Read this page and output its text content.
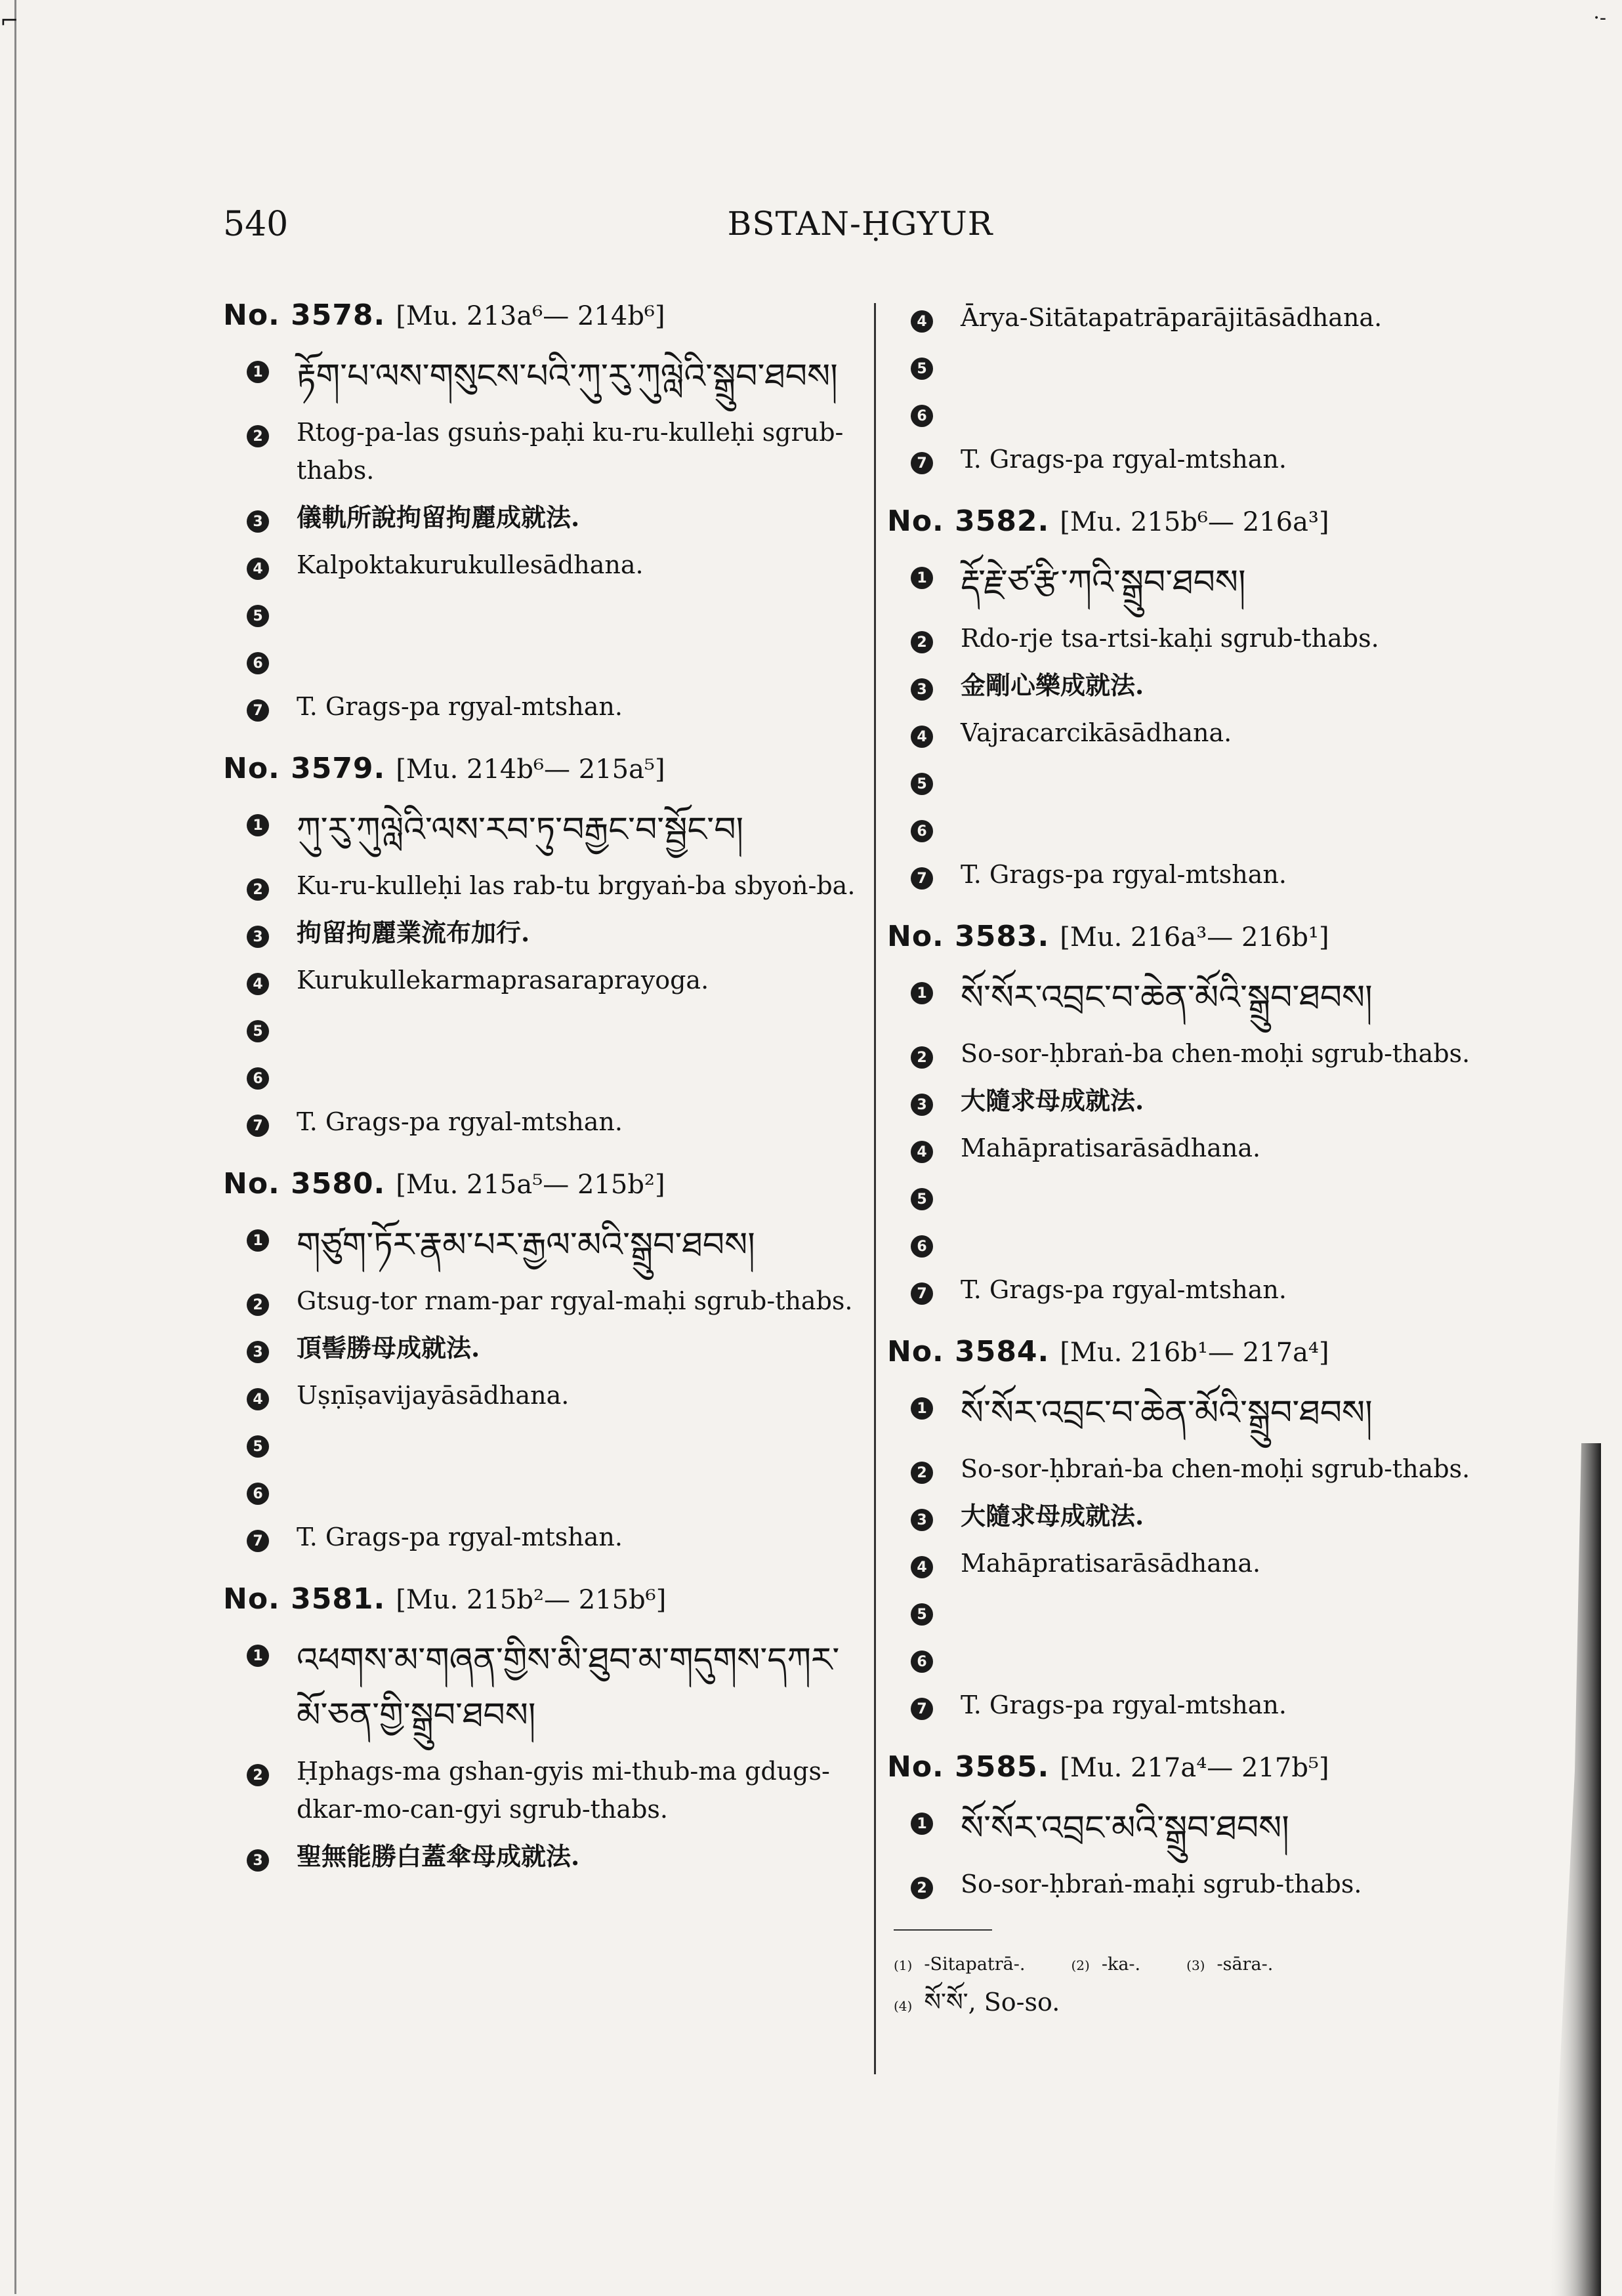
⌐	·-
540	BSTAN-ḤGYUR
No. 3578. [Mu. 213a⁶— 214b⁶]
1 རྟོག་པ་ལས་གསུངས་པའི་ཀུ་རུ་ཀུལླེའི་སྒྲུབ་ཐབས།
2 Rtog-pa-las gsuṅs-paḥi ku-ru-kulleḥi sgrub-thabs.
3 儀軌所說拘留拘麗成就法.
4 Kalpoktakurukullesādhana.
5
6
7 T. Grags-pa rgyal-mtshan.
No. 3579. [Mu. 214b⁶— 215a⁵]
1 ཀུ་རུ་ཀུལླེའི་ལས་རབ་ཏུ་བརྒྱང་བ་སྦྱོང་བ།
2 Ku-ru-kulleḥi las rab-tu brgyaṅ-ba sbyoṅ-ba.
3 拘留拘麗業流布加行.
4 Kurukullekarmaprasaraprayoga.
5
6
7 T. Grags-pa rgyal-mtshan.
No. 3580. [Mu. 215a⁵— 215b²]
1 གཙུག་ཏོར་རྣམ་པར་རྒྱལ་མའི་སྒྲུབ་ཐབས།
2 Gtsug-tor rnam-par rgyal-maḥi sgrub-thabs.
3 頂髻勝母成就法.
4 Uṣṇīṣavijayāsādhana.
5
6
7 T. Grags-pa rgyal-mtshan.
No. 3581. [Mu. 215b²— 215b⁶]
1 འཕགས་མ་གཞན་གྱིས་མི་ཐུབ་མ་གདུགས་དཀར་མོ་ཅན་གྱི་སྒྲུབ་ཐབས།
2 Ḥphags-ma gshan-gyis mi-thub-ma gdugs-dkar-mo-can-gyi sgrub-thabs.
3 聖無能勝白蓋傘母成就法.
4 Ārya-Sitātapatrāparājitāsādhana.
5
6
7 T. Grags-pa rgyal-mtshan.
No. 3582. [Mu. 215b⁶— 216a³]
1 རྡོ་རྗེ་ཙ་རྩི་ཀའི་སྒྲུབ་ཐབས།
2 Rdo-rje tsa-rtsi-kaḥi sgrub-thabs.
3 金剛心樂成就法.
4 Vajracarcikāsādhana.
5
6
7 T. Grags-pa rgyal-mtshan.
No. 3583. [Mu. 216a³— 216b¹]
1 སོ་སོར་འབྲང་བ་ཆེན་མོའི་སྒྲུབ་ཐབས།
2 So-sor-ḥbraṅ-ba chen-moḥi sgrub-thabs.
3 大隨求母成就法.
4 Mahāpratisarāsādhana.
5
6
7 T. Grags-pa rgyal-mtshan.
No. 3584. [Mu. 216b¹— 217a⁴]
1 སོ་སོར་འབྲང་བ་ཆེན་མོའི་སྒྲུབ་ཐབས།
2 So-sor-ḥbraṅ-ba chen-moḥi sgrub-thabs.
3 大隨求母成就法.
4 Mahāpratisarāsādhana.
5
6
7 T. Grags-pa rgyal-mtshan.
No. 3585. [Mu. 217a⁴— 217b⁵]
1 སོ་སོར་འབྲང་མའི་སྒྲུབ་ཐབས།
2 So-sor-ḥbraṅ-maḥi sgrub-thabs.
(1) -Sitapatrā-.	(2) -ka-.	(3) -sāra-.
(4) སོ་སོ་, So-so.
